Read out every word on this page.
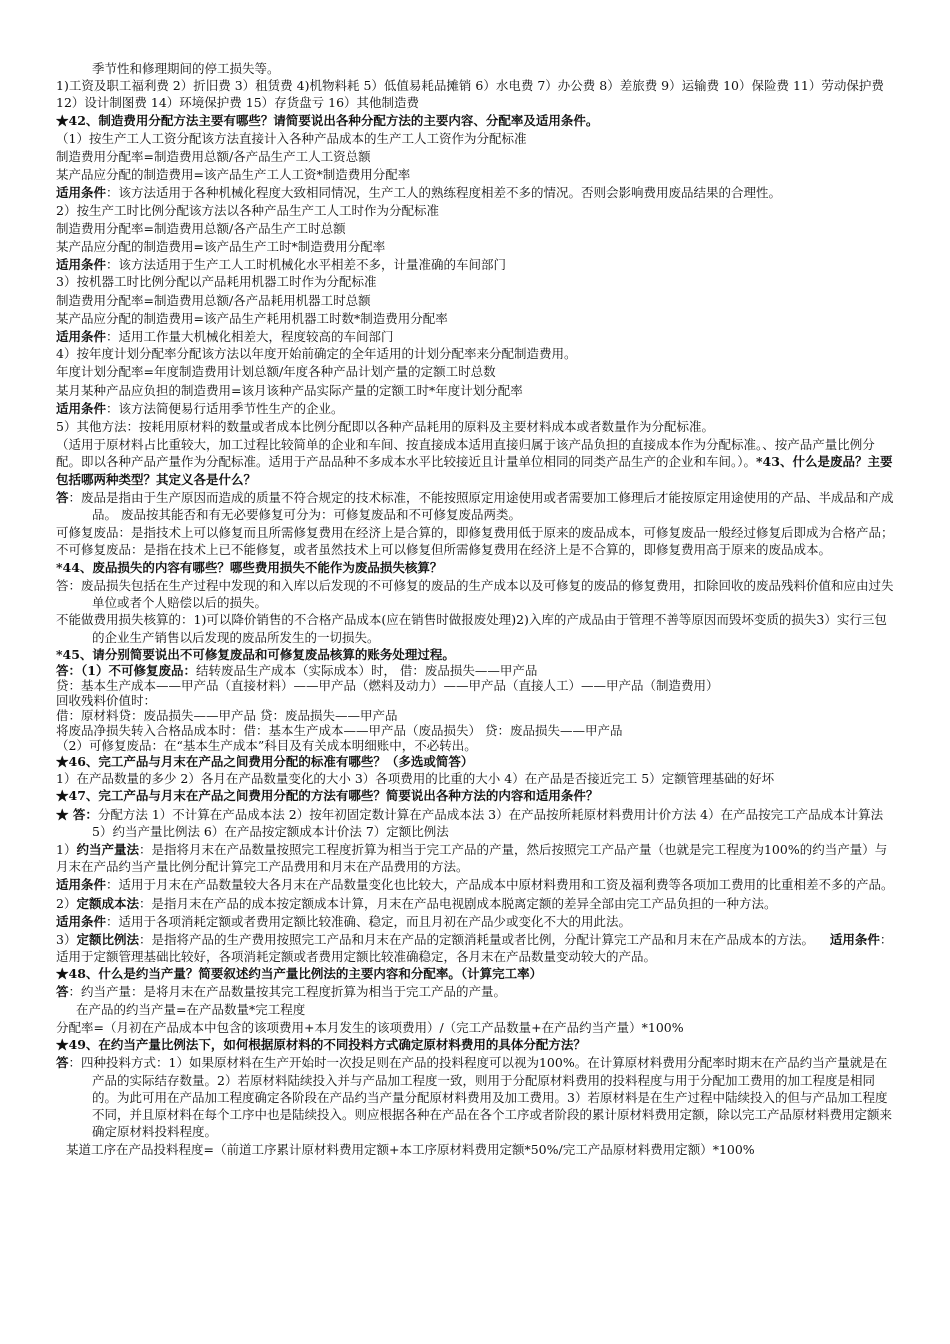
季节性和修理期间的停工损失等。
1)工资及职工福利费 2）折旧费 3）租赁费 4)机物料耗 5）低值易耗品摊销 6）水电费 7）办公费 8）差旅费 9）运输费 10）保险费 11）劳动保护费 12）设计制图费 14）环境保护费 15）存货盘亏 16）其他制造费
★42、制造费用分配方法主要有哪些？请简要说出各种分配方法的主要内容、分配率及适用条件。
（1）按生产工人工资分配该方法直接计入各种产品成本的生产工人工资作为分配标准
制造费用分配率=制造费用总额/各产品生产工人工资总额
某产品应分配的制造费用=该产品生产工人工资*制造费用分配率
适用条件：该方法适用于各种机械化程度大致相同情况，生产工人的熟练程度相差不多的情况。否则会影响费用废品结果的合理性。
2）按生产工时比例分配该方法以各种产品生产工人工时作为分配标准
制造费用分配率=制造费用总额/各产品生产工时总额
某产品应分配的制造费用=该产品生产工时*制造费用分配率
适用条件：该方法适用于生产工人工时机械化水平相差不多，计量准确的车间部门
3）按机器工时比例分配以产品耗用机器工时作为分配标准
制造费用分配率=制造费用总额/各产品耗用机器工时总额
某产品应分配的制造费用=该产品生产耗用机器工时数*制造费用分配率
适用条件：适用工作量大机械化相差大，程度较高的车间部门
4）按年度计划分配率分配该方法以年度开始前确定的全年适用的计划分配率来分配制造费用。
年度计划分配率=年度制造费用计划总额/年度各种产品计划产量的定额工时总数
某月某种产品应负担的制造费用=该月该种产品实际产量的定额工时*年度计划分配率
适用条件：该方法简便易行适用季节性生产的企业。
5）其他方法：按耗用原材料的数量或者成本比例分配即以各种产品耗用的原料及主要材料成本或者数量作为分配标准。
（适用于原材料占比重较大，加工过程比较简单的企业和车间、按直接成本适用直接归属于该产品负担的直接成本作为分配标准。、按产品产量比例分配。即以各种产品产量作为分配标准。适用于产品品种不多成本水平比较接近且计量单位相同的同类产品生产的企业和车间。）。*43、什么是废品？主要包括哪两种类型？其定义各是什么？
答：废品是指由于生产原因而造成的质量不符合规定的技术标准，不能按照原定用途使用或者需要加工修理后才能按原定用途使用的产品、半成品和产成品。 废品按其能否和有无必要修复可分为：可修复废品和不可修复废品两类。
可修复废品：是指技术上可以修复而且所需修复费用在经济上是合算的，即修复费用低于原来的废品成本，可修复废品一般经过修复后即成为合格产品；
不可修复废品：是指在技术上已不能修复，或者虽然技术上可以修复但所需修复费用在经济上是不合算的，即修复费用高于原来的废品成本。
*44、废品损失的内容有哪些？哪些费用损失不能作为废品损失核算？
答：废品损失包括在生产过程中发现的和入库以后发现的不可修复的废品的生产成本以及可修复的废品的修复费用，扣除回收的废品残料价值和应由过失单位或者个人赔偿以后的损失。
不能做费用损失核算的：1)可以降价销售的不合格产品成本(应在销售时做报废处理)2)入库的产成品由于管理不善等原因而毁坏变质的损失3）实行三包的企业生产销售以后发现的废品所发生的一切损失。
*45、请分别简要说出不可修复废品和可修复废品核算的账务处理过程。
答：（1）不可修复废品：结转废品生产成本（实际成本）时， 借：废品损失——甲产品
贷：基本生产成本——甲产品（直接材料）——甲产品（燃料及动力）——甲产品（直接人工）——甲产品（制造费用）
回收残料价值时：
借：原材料贷：废品损失——甲产品 贷：废品损失——甲产品
将废品净损失转入合格品成本时：借：基本生产成本——甲产品（废品损失） 贷：废品损失——甲产品
（2）可修复废品：在“基本生产成本”科目及有关成本明细账中，不必转出。
★46、完工产品与月末在产品之间费用分配的标准有哪些？（多选或简答）
1）在产品数量的多少 2）各月在产品数量变化的大小 3）各项费用的比重的大小 4）在产品是否接近完工 5）定额管理基础的好坏
★47、完工产品与月末在产品之间费用分配的方法有哪些？简要说出各种方法的内容和适用条件？
★ 答：分配方法 1）不计算在产品成本法 2）按年初固定数计算在产品成本法 3）在产品按所耗原材料费用计价方法 4）在产品按完工产品成本计算法 5）约当产量比例法 6）在产品按定额成本计价法 7）定额比例法
1）约当产量法：是指将月末在产品数量按照完工程度折算为相当于完工产品的产量，然后按照完工产品产量（也就是完工程度为100%的约当产量）与月末在产品约当产量比例分配计算完工产品费用和月末在产品费用的方法。
适用条件：适用于月末在产品数量较大各月末在产品数量变化也比较大，产品成本中原材料费用和工资及福利费等各项加工费用的比重相差不多的产品。
2）定额成本法：是指月末在产品的成本按定额成本计算，月末在产品电视剧成本脱离定额的差异全部由完工产品负担的一种方法。
适用条件：适用于各项消耗定额或者费用定额比较准确、稳定，而且月初在产品少或变化不大的用此法。
3）定额比例法：是指将产品的生产费用按照完工产品和月末在产品的定额消耗量或者比例，分配计算完工产品和月末在产品成本的方法。 适用条件：适用于定额管理基础比较好，各项消耗定额或者费用定额比较准确稳定，各月末在产品数量变动较大的产品。
★48、什么是约当产量？简要叙述约当产量比例法的主要内容和分配率。（计算完工率）
答：约当产量：是将月末在产品数量按其完工程度折算为相当于完工产品的产量。
在产品的约当产量=在产品数量*完工程度
分配率=（月初在产品成本中包含的该项费用+本月发生的该项费用）/（完工产品数量+在产品约当产量）*100%
★49、在约当产量比例法下，如何根据原材料的不同投料方式确定原材料费用的具体分配方法？
答：四种投料方式：1）如果原材料在生产开始时一次投足则在产品的投料程度可以视为100%。在计算原材料费用分配率时期末在产品约当产量就是在产品的实际结存数量。2）若原材料陆续投入并与产品加工程度一致，则用于分配原材料费用的投料程度与用于分配加工费用的加工程度是相同的。为此可用在产品加工程度确定各阶段在产品约当产量分配原材料费用及加工费用。3）若原材料是在生产过程中陆续投入的但与产品加工程度不同，并且原材料在每个工序中也是陆续投入。则应根据各种在产品在各个工序或者阶段的累计原材料费用定额，除以完工产品原材料费用定额来确定原材料投料程度。
某道工序在产品投料程度=（前道工序累计原材料费用定额+本工序原材料费用定额*50%/完工产品原材料费用定额）*100%
